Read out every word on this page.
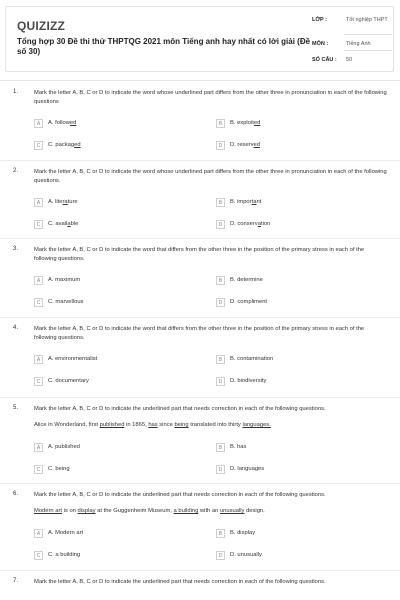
QUIZIZZ
Tổng hợp 30 Đề thi thử THPTQG 2021 môn Tiếng anh hay nhất có lời giải (Đề số 30)
LỚP :	Tốt nghiệp THPT
MÔN :	Tiếng Anh
SỐ CÂU : 50
1.	Mark the letter A, B, C or D to indicate the word whose underlined part differs from the other three in pronunciation in each of the following questions
A	A. followed	B	B. exploited
C	C. packaged	D	D. reserved
2.	Mark the letter A, B, C or D to indicate the word whose underlined part differs from the other three in pronunciation in each of the following questions.
A	A. literature	B	B. important
C	C. available	D	D. conservation
3.	Mark the letter A, B, C or D to indicate the word that differs from the other three in the position of the primary stress in each of the following questions.
A	A. maximum	B	B. determine
C	C. marvellous	D	D. compliment
4.	Mark the letter A, B, C or D to indicate the word that differs from the other three in the position of the primary stress in each of the following questions.
A	A. environmentalist	B	B. contamination
C	C. documentary	D	D. biodiversity
5.	Mark the letter A, B, C or D to indicate the underlined part that needs correction in each of the following questions.
Alice in Wonderland, first published in 1865, has since being translated into thirty languages.
A	A. published	B	B. has
C	C. being	D	D. languages
6.	Mark the letter A, B, C or D to indicate the underlined part that needs correction in each of the following questions.
Modern art is on display at the Guggenheim Museum, a building with an unusually design.
A	A. Modern art	B	B. display
C	C. a building	D	D. unusually
7.	Mark the letter A, B, C or D to indicate the underlined part that needs correction in each of the following questions.
